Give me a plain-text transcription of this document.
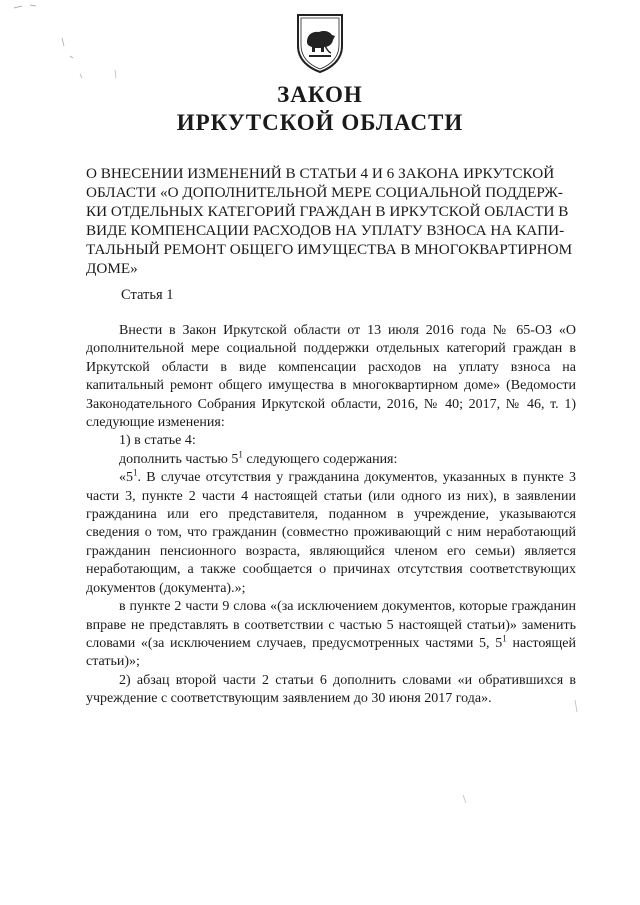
ЗАКОН
ИРКУТСКОЙ ОБЛАСТИ
О ВНЕСЕНИИ ИЗМЕНЕНИЙ В СТАТЬИ 4 И 6 ЗАКОНА ИРКУТСКОЙ
ОБЛАСТИ «О ДОПОЛНИТЕЛЬНОЙ МЕРЕ СОЦИАЛЬНОЙ ПОДДЕРЖ-
КИ ОТДЕЛЬНЫХ КАТЕГОРИЙ ГРАЖДАН В ИРКУТСКОЙ ОБЛАСТИ В
ВИДЕ КОМПЕНСАЦИИ РАСХОДОВ НА УПЛАТУ ВЗНОСА НА КАПИ-
ТАЛЬНЫЙ РЕМОНТ ОБЩЕГО ИМУЩЕСТВА В МНОГОКВАРТИРНОМ
ДОМЕ»
Статья 1

Внести в Закон Иркутской области от 13 июля 2016 года № 65-ОЗ «О дополнительной мере социальной поддержки отдельных категорий граждан в Иркутской области в виде компенсации расходов на уплату взноса на капитальный ремонт общего имущества в многоквартирном доме» (Ведомости Законодательного Собрания Иркутской области, 2016, № 40; 2017, № 46, т. 1) следующие изменения:

1) в статье 4:

дополнить частью $5^1$ следующего содержания:

«$5^1$. В случае отсутствия у гражданина документов, указанных в пункте 3 части 3, пункте 2 части 4 настоящей статьи (или одного из них), в заявлении гражданина или его представителя, поданном в учреждение, указываются сведения о том, что гражданин (совместно проживающий с ним неработающий гражданин пенсионного возраста, являющийся членом его семьи) является неработающим, а также сообщается о причинах отсутствия соответствующих документов (документа).»;

в пункте 2 части 9 слова «(за исключением документов, которые гражданин вправе не представлять в соответствии с частью 5 настоящей статьи)» заменить словами «(за исключением случаев, предусмотренных частями 5, $5^1$ настоящей статьи)»;

2) абзац второй части 2 статьи 6 дополнить словами «и обратившихся в учреждение с соответствующим заявлением до 30 июня 2017 года».
